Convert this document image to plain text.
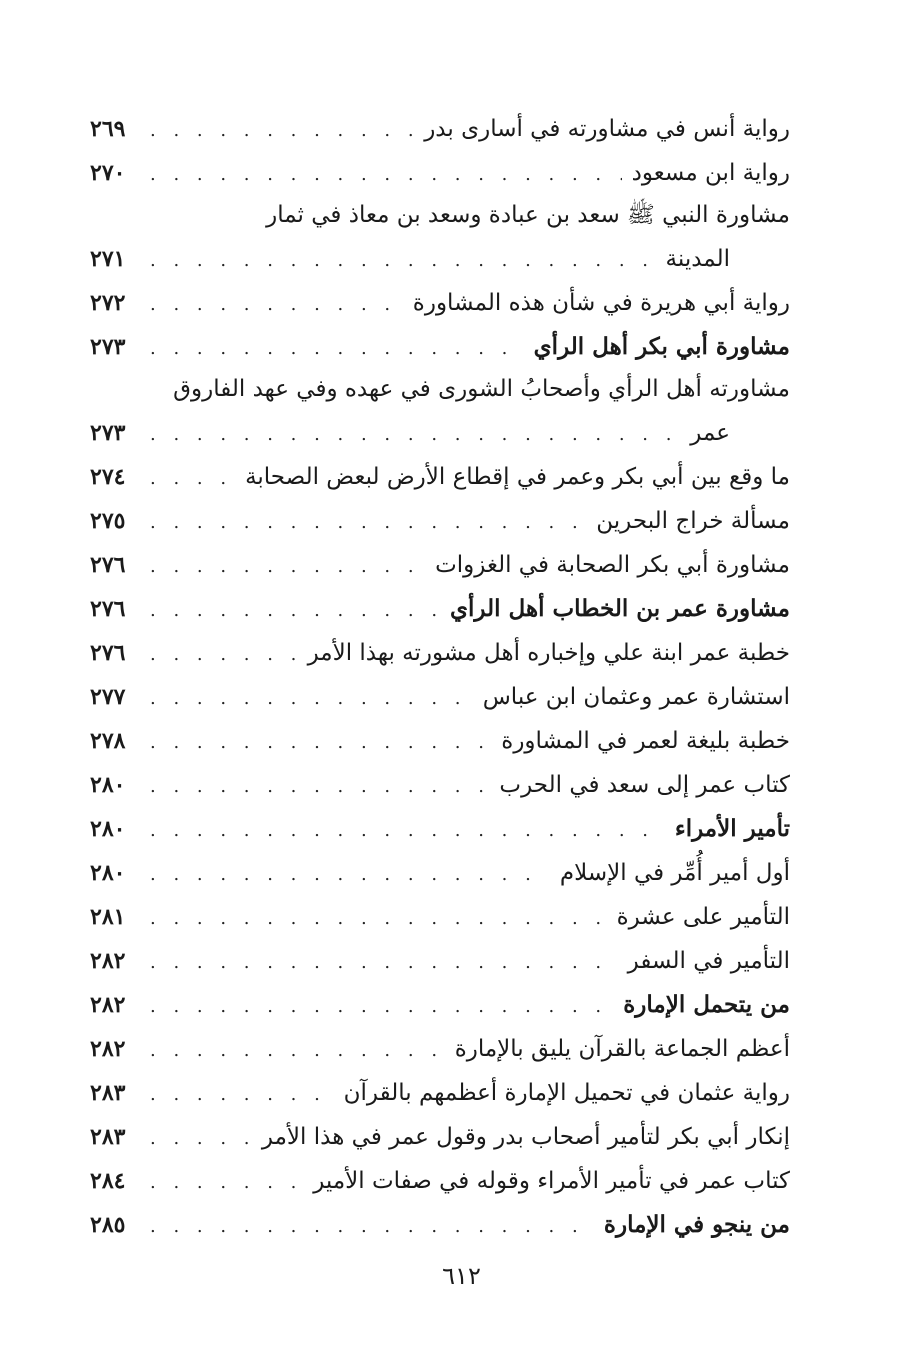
رواية أنس في مشاورته في أسارى بدر
. . .
٢٦٩
رواية ابن مسعود
. . .
٢٧٠
مشاورة النبي ﷺ سعد بن عبادة وسعد بن معاذ في ثمار
المدينة
. . .
٢٧١
رواية أبي هريرة في شأن هذه المشاورة
. . .
٢٧٢
مشاورة أبي بكر أهل الرأي
. . .
٢٧٣
مشاورته أهل الرأي وأصحابُ الشورى في عهده وفي عهد الفاروق
عمر
. . .
٢٧٣
ما وقع بين أبي بكر وعمر في إقطاع الأرض لبعض الصحابة
. . .
٢٧٤
مسألة خراج البحرين
. . .
٢٧٥
مشاورة أبي بكر الصحابة في الغزوات
. . .
٢٧٦
مشاورة عمر بن الخطاب أهل الرأي
. . .
٢٧٦
خطبة عمر ابنة علي وإخباره أهل مشورته بهذا الأمر
. . .
٢٧٦
استشارة عمر وعثمان ابن عباس
. . .
٢٧٧
خطبة بليغة لعمر في المشاورة
. . .
٢٧٨
كتاب عمر إلى سعد في الحرب
. . .
٢٨٠
تأمير الأمراء
. . .
٢٨٠
أول أمير أُمِّر في الإسلام
. . .
٢٨٠
التأمير على عشرة
. . .
٢٨١
التأمير في السفر
. . .
٢٨٢
من يتحمل الإمارة
. . .
٢٨٢
أعظم الجماعة بالقرآن يليق بالإمارة
. . .
٢٨٢
رواية عثمان في تحميل الإمارة أعظمهم بالقرآن
. . .
٢٨٣
إنكار أبي بكر لتأمير أصحاب بدر وقول عمر في هذا الأمر
. . .
٢٨٣
كتاب عمر في تأمير الأمراء وقوله في صفات الأمير
. . .
٢٨٤
من ينجو في الإمارة
. . .
٢٨٥
٦١٢
